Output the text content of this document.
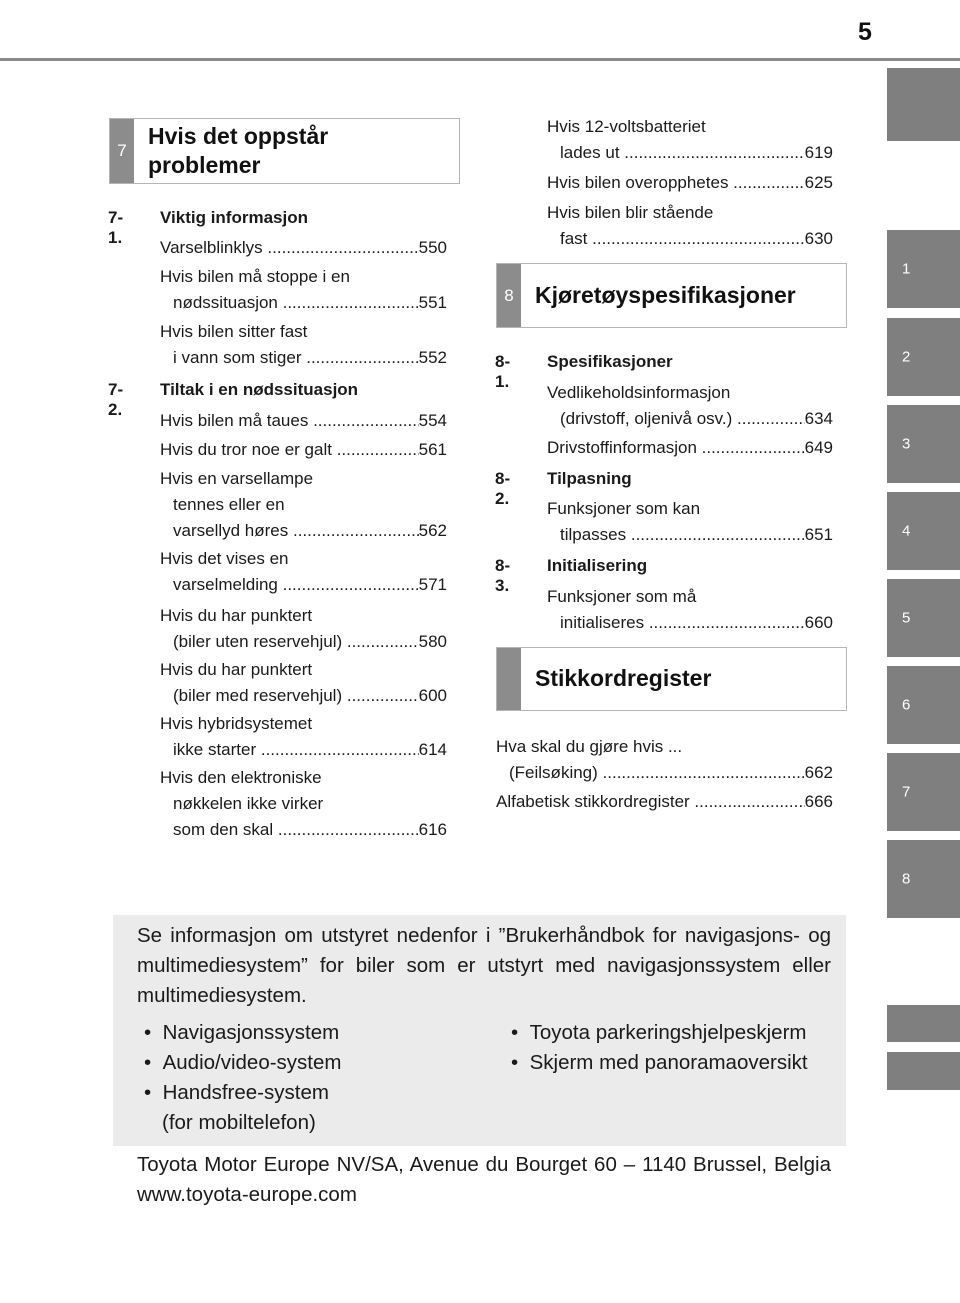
5
1
2
3
4
5
6
7
8
7
Hvis det oppstår
problemer
7-1.
Viktig informasjon
Varselblinklys .....	550
Hvis bilen må stoppe i en
nødssituasjon .....	551
Hvis bilen sitter fast
i vann som stiger .....	552
7-2.
Tiltak i en nødssituasjon
Hvis bilen må taues .....	554
Hvis du tror noe er galt .....	561
Hvis en varsellampe
tennes eller en
varsellyd høres .....	562
Hvis det vises en
varselmelding .....	571
Hvis du har punktert
(biler uten reservehjul) .....	580
Hvis du har punktert
(biler med reservehjul) .....	600
Hvis hybridsystemet
ikke starter .....	614
Hvis den elektroniske
nøkkelen ikke virker
som den skal .....	616
Hvis 12-voltsbatteriet
lades ut .....	619
Hvis bilen overopphetes .....	625
Hvis bilen blir stående
fast .....	630
8 Kjøretøyspesifikasjoner
8-1.
Spesifikasjoner
Vedlikeholdsinformasjon
(drivstoff, oljenivå osv.) .....	634
Drivstoffinformasjon .....	649
8-2.
Tilpasning
Funksjoner som kan
tilpasses .....	651
8-3.
Initialisering
Funksjoner som må
initialiseres .....	660
Stikkordregister
Hva skal du gjøre hvis ...
(Feilsøking) .....	662
Alfabetisk stikkordregister .....	666
Se informasjon om utstyret nedenfor i ”Brukerhåndbok for navigasjons- og multimediesystem” for biler som er utstyrt med navigasjonssystem eller multimediesystem.
• Navigasjonssystem
• Audio/video-system
• Handsfree-system
(for mobiltelefon)
• Toyota parkeringshjelpeskjerm
• Skjerm med panoramaoversikt
Toyota Motor Europe NV/SA, Avenue du Bourget 60 – 1140 Brussel, Belgia www.toyota-europe.com
